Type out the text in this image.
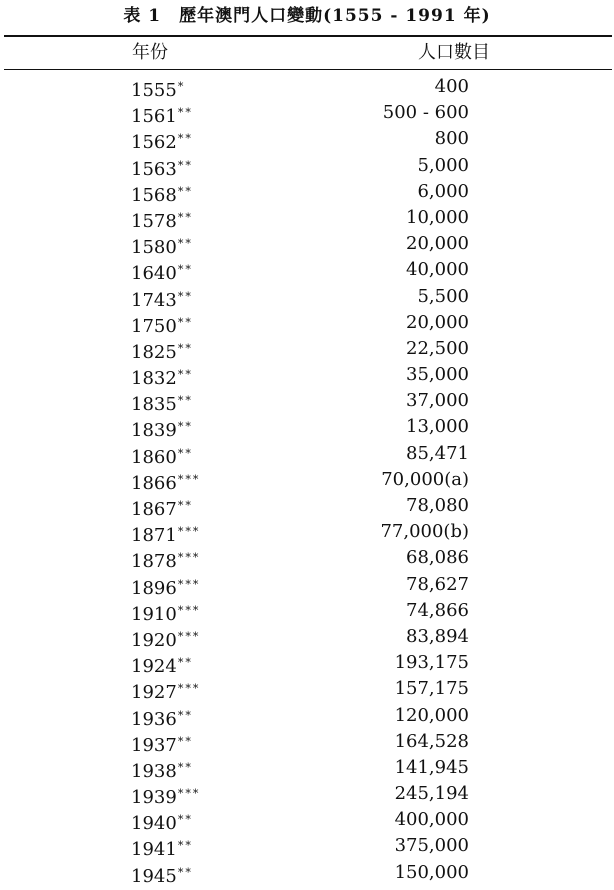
表 1　歷年澳門人口變動(1555 - 1991 年)
年份	人口數目
1555*	400
1561**	500 - 600
1562**	800
1563**	5,000
1568**	6,000
1578**	10,000
1580**	20,000
1640**	40,000
1743**	5,500
1750**	20,000
1825**	22,500
1832**	35,000
1835**	37,000
1839**	13,000
1860**	85,471
1866***	70,000(a)
1867**	78,080
1871***	77,000(b)
1878***	68,086
1896***	78,627
1910***	74,866
1920***	83,894
1924**	193,175
1927***	157,175
1936**	120,000
1937**	164,528
1938**	141,945
1939***	245,194
1940**	400,000
1941**	375,000
1945**	150,000
